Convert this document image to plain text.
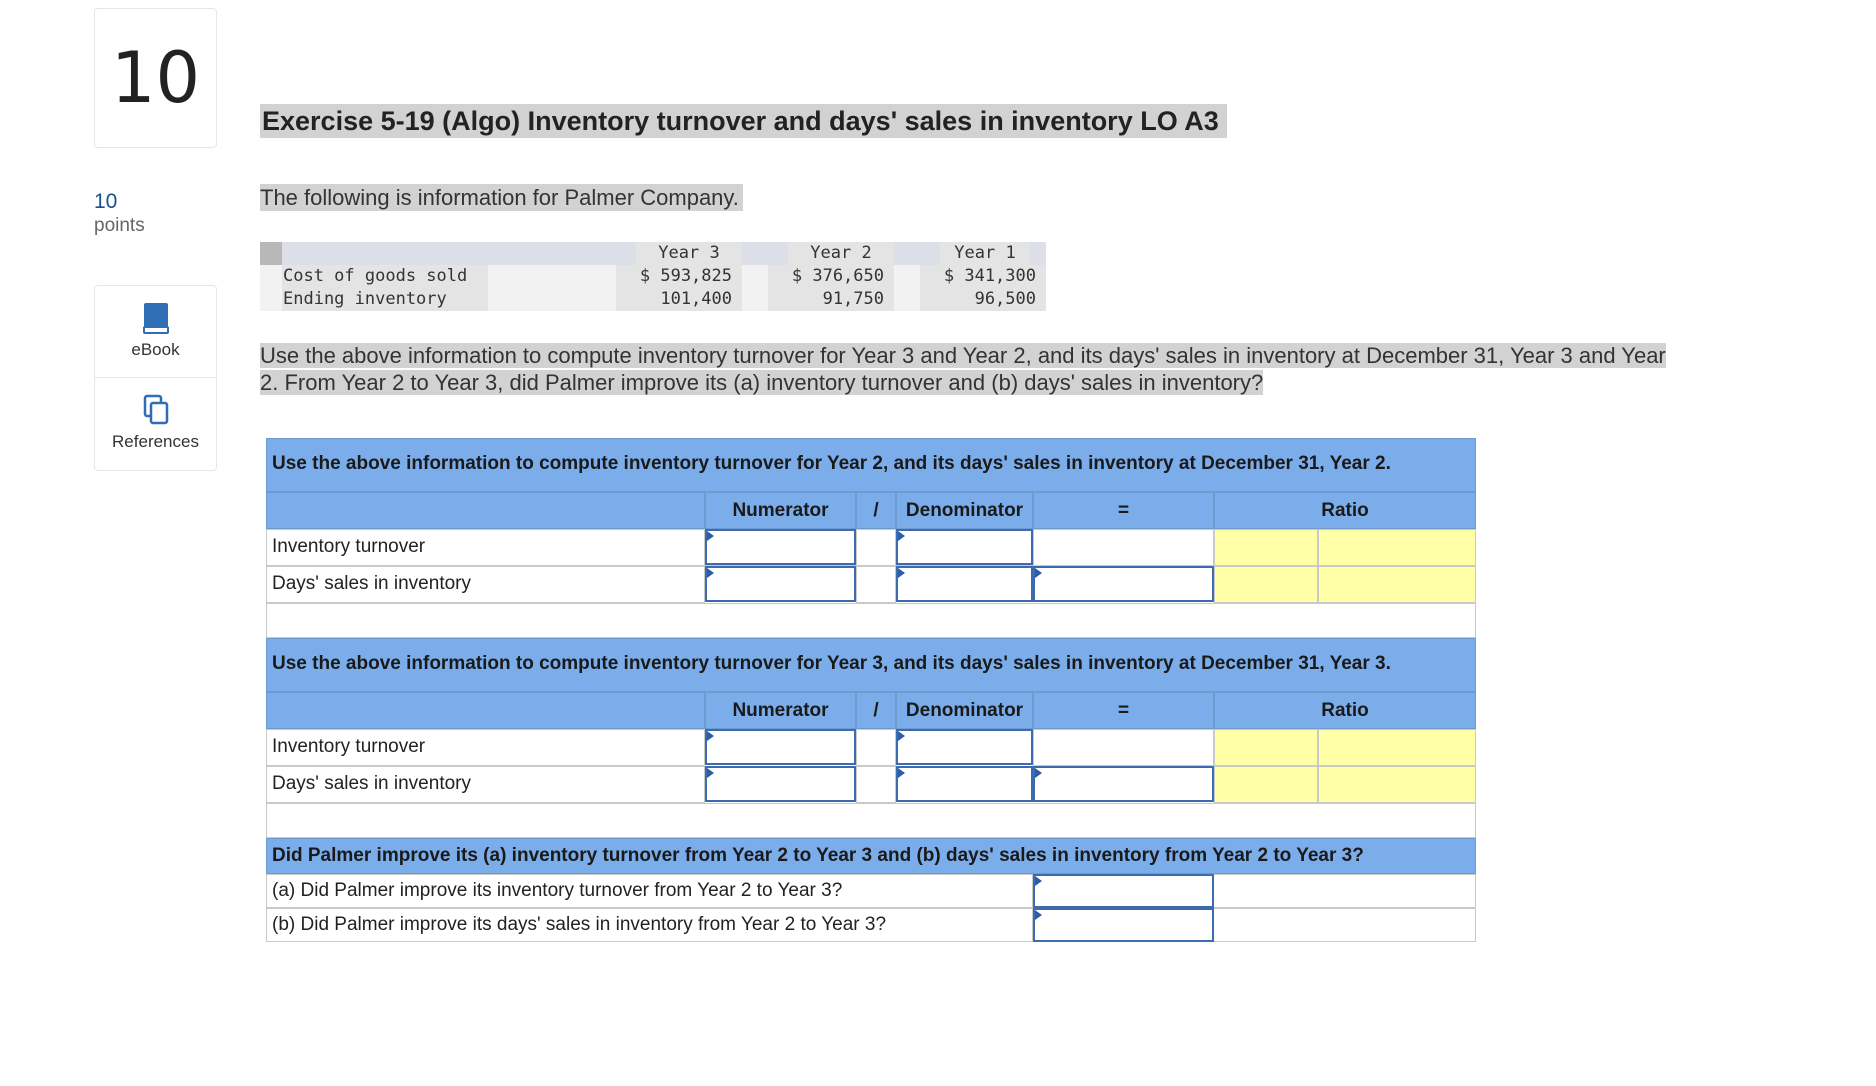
10
10
points
eBook
References
Exercise 5-19 (Algo) Inventory turnover and days' sales in inventory LO A3
The following is information for Palmer Company.
Year 3	Year 2	Year 1
Cost of goods sold	$ 593,825	$ 376,650	$ 341,300
Ending inventory	101,400	91,750	96,500
Use the above information to compute inventory turnover for Year 3 and Year 2, and its days' sales in inventory at December 31, Year 3 and Year 2. From Year 2 to Year 3, did Palmer improve its (a) inventory turnover and (b) days' sales in inventory?
Use the above information to compute inventory turnover for Year 2, and its days' sales in inventory at December 31, Year 2.
Numerator	/	Denominator	=	Ratio
Inventory turnover
Days' sales in inventory
Use the above information to compute inventory turnover for Year 3, and its days' sales in inventory at December 31, Year 3.
Numerator	/	Denominator	=	Ratio
Inventory turnover
Days' sales in inventory
Did Palmer improve its (a) inventory turnover from Year 2 to Year 3 and (b) days' sales in inventory from Year 2 to Year 3?
(a) Did Palmer improve its inventory turnover from Year 2 to Year 3?
(b) Did Palmer improve its days' sales in inventory from Year 2 to Year 3?
